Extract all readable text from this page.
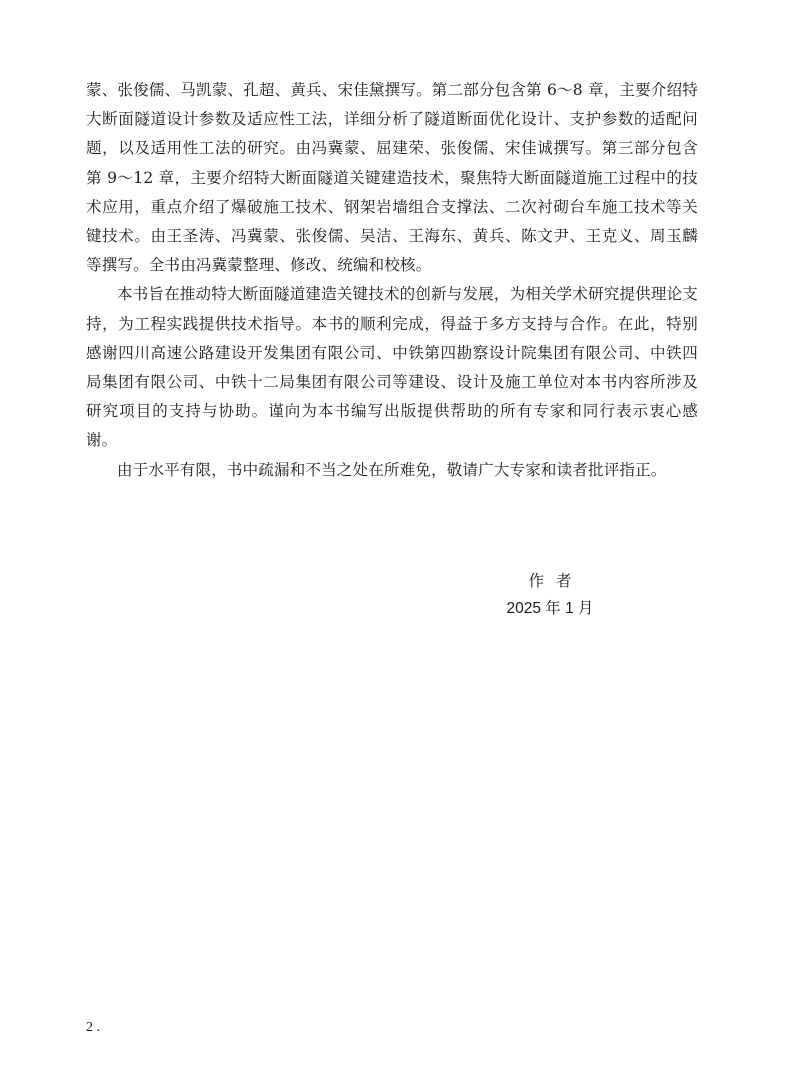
蒙、张俊儒、马凯蒙、孔超、黄兵、宋佳黛撰写。第二部分包含第 6～8 章，主要介绍特大断面隧道设计参数及适应性工法，详细分析了隧道断面优化设计、支护参数的适配问题，以及适用性工法的研究。由冯冀蒙、屈建荣、张俊儒、宋佳诚撰写。第三部分包含第 9～12 章，主要介绍特大断面隧道关键建造技术，聚焦特大断面隧道施工过程中的技术应用，重点介绍了爆破施工技术、钢架岩墙组合支撑法、二次衬砌台车施工技术等关键技术。由王圣涛、冯冀蒙、张俊儒、吴洁、王海东、黄兵、陈文尹、王克义、周玉麟等撰写。全书由冯冀蒙整理、修改、统编和校核。

本书旨在推动特大断面隧道建造关键技术的创新与发展，为相关学术研究提供理论支持，为工程实践提供技术指导。本书的顺利完成，得益于多方支持与合作。在此，特别感谢四川高速公路建设开发集团有限公司、中铁第四勘察设计院集团有限公司、中铁四局集团有限公司、中铁十二局集团有限公司等建设、设计及施工单位对本书内容所涉及研究项目的支持与协助。谨向为本书编写出版提供帮助的所有专家和同行表示衷心感谢。

由于水平有限，书中疏漏和不当之处在所难免，敬请广大专家和读者批评指正。

作者
2025 年 1 月
2 .
